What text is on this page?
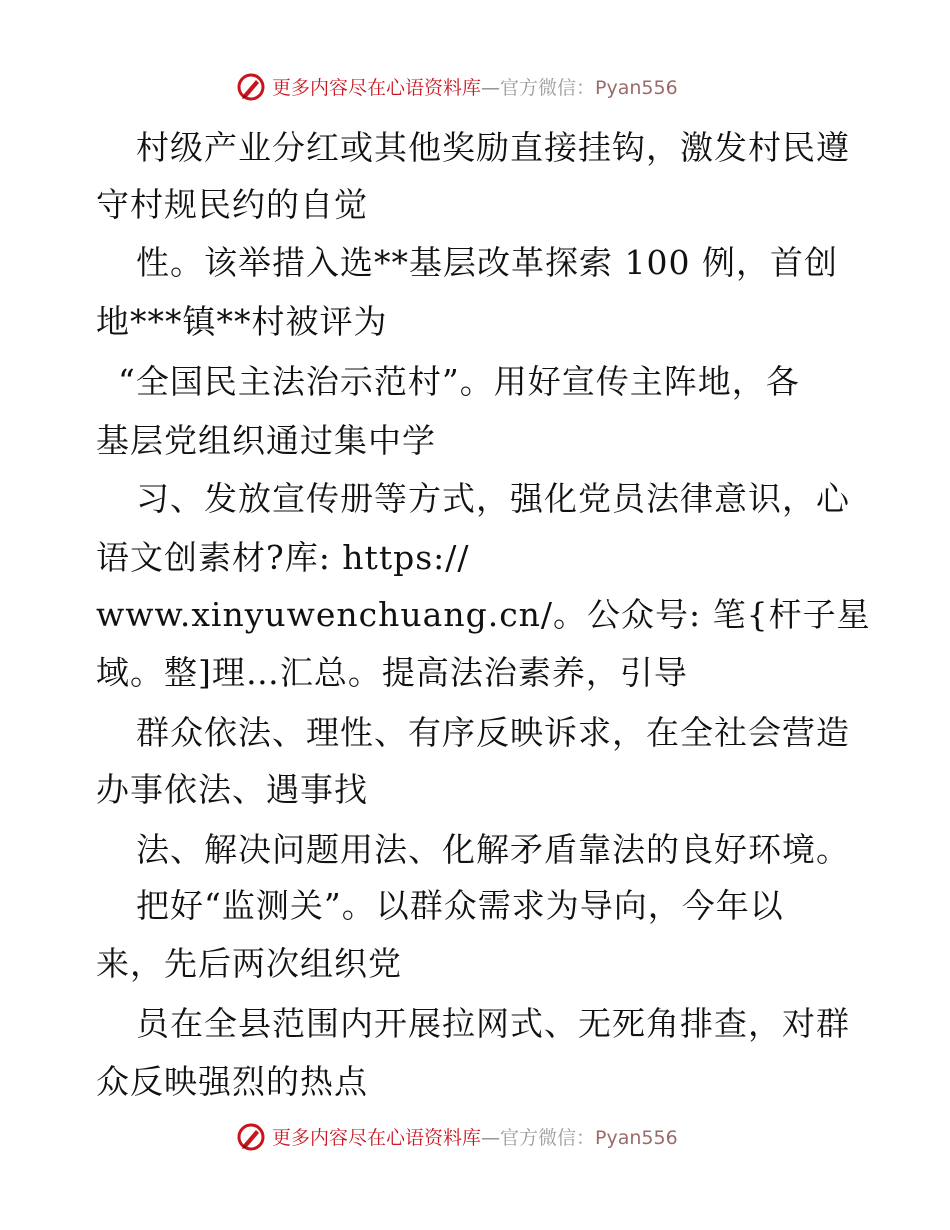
更多内容尽在心语资料库—官方微信：Pyan556
村级产业分红或其他奖励直接挂钩，激发村民遵
守村规民约的自觉
性。该举措入选**基层改革探索 100 例，首创
地***镇**村被评为
“全国民主法治示范村”。用好宣传主阵地，各
基层党组织通过集中学
习、发放宣传册等方式，强化党员法律意识，心
语文创素材?库: https://
www.xinyuwenchuang.cn/。公众号: 笔{杆子星
域。整]理…汇总。提高法治素养，引导
群众依法、理性、有序反映诉求，在全社会营造
办事依法、遇事找
法、解决问题用法、化解矛盾靠法的良好环境。
把好“监测关”。以群众需求为导向，今年以
来，先后两次组织党
员在全县范围内开展拉网式、无死角排查，对群
众反映强烈的热点
更多内容尽在心语资料库—官方微信：Pyan556
